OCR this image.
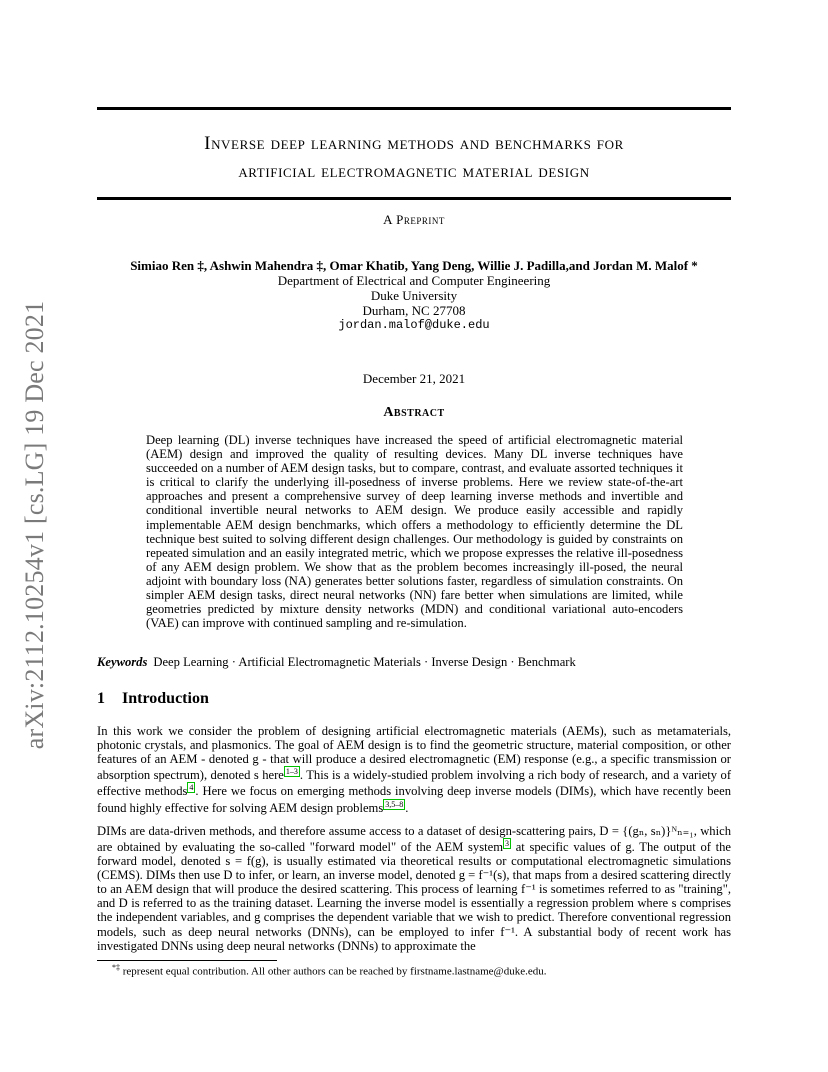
arXiv:2112.10254v1 [cs.LG] 19 Dec 2021
Inverse deep learning methods and benchmarks for
artificial electromagnetic material design
A Preprint
Simiao Ren ‡, Ashwin Mahendra ‡, Omar Khatib, Yang Deng, Willie J. Padilla,and Jordan M. Malof *
Department of Electrical and Computer Engineering
Duke University
Durham, NC 27708
jordan.malof@duke.edu
December 21, 2021
Abstract
Deep learning (DL) inverse techniques have increased the speed of artificial electromagnetic material (AEM) design and improved the quality of resulting devices. Many DL inverse techniques have succeeded on a number of AEM design tasks, but to compare, contrast, and evaluate assorted techniques it is critical to clarify the underlying ill-posedness of inverse problems. Here we review state-of-the-art approaches and present a comprehensive survey of deep learning inverse methods and invertible and conditional invertible neural networks to AEM design. We produce easily accessible and rapidly implementable AEM design benchmarks, which offers a methodology to efficiently determine the DL technique best suited to solving different design challenges. Our methodology is guided by constraints on repeated simulation and an easily integrated metric, which we propose expresses the relative ill-posedness of any AEM design problem. We show that as the problem becomes increasingly ill-posed, the neural adjoint with boundary loss (NA) generates better solutions faster, regardless of simulation constraints. On simpler AEM design tasks, direct neural networks (NN) fare better when simulations are limited, while geometries predicted by mixture density networks (MDN) and conditional variational auto-encoders (VAE) can improve with continued sampling and re-simulation.
Keywords Deep Learning · Artificial Electromagnetic Materials · Inverse Design · Benchmark
1 Introduction
In this work we consider the problem of designing artificial electromagnetic materials (AEMs), such as metamaterials, photonic crystals, and plasmonics. The goal of AEM design is to find the geometric structure, material composition, or other features of an AEM - denoted g - that will produce a desired electromagnetic (EM) response (e.g., a specific transmission or absorption spectrum), denoted s here 1–3 . This is a widely-studied problem involving a rich body of research, and a variety of effective methods 4 . Here we focus on emerging methods involving deep inverse models (DIMs), which have recently been found highly effective for solving AEM design problems 3,5–8 .
DIMs are data-driven methods, and therefore assume access to a dataset of design-scattering pairs, D = {(gₙ, sₙ)}ᴺₙ₌₁, which are obtained by evaluating the so-called "forward model" of the AEM system 3 at specific values of g. The output of the forward model, denoted s = f(g), is usually estimated via theoretical results or computational electromagnetic simulations (CEMS). DIMs then use D to infer, or learn, an inverse model, denoted g = f⁻¹(s), that maps from a desired scattering directly to an AEM design that will produce the desired scattering. This process of learning f⁻¹ is sometimes referred to as "training", and D is referred to as the training dataset. Learning the inverse model is essentially a regression problem where s comprises the independent variables, and g comprises the dependent variable that we wish to predict. Therefore conventional regression models, such as deep neural networks (DNNs), can be employed to infer f⁻¹. A substantial body of recent work has investigated DNNs using deep neural networks (DNNs) to approximate the
*‡ represent equal contribution. All other authors can be reached by firstname.lastname@duke.edu.
